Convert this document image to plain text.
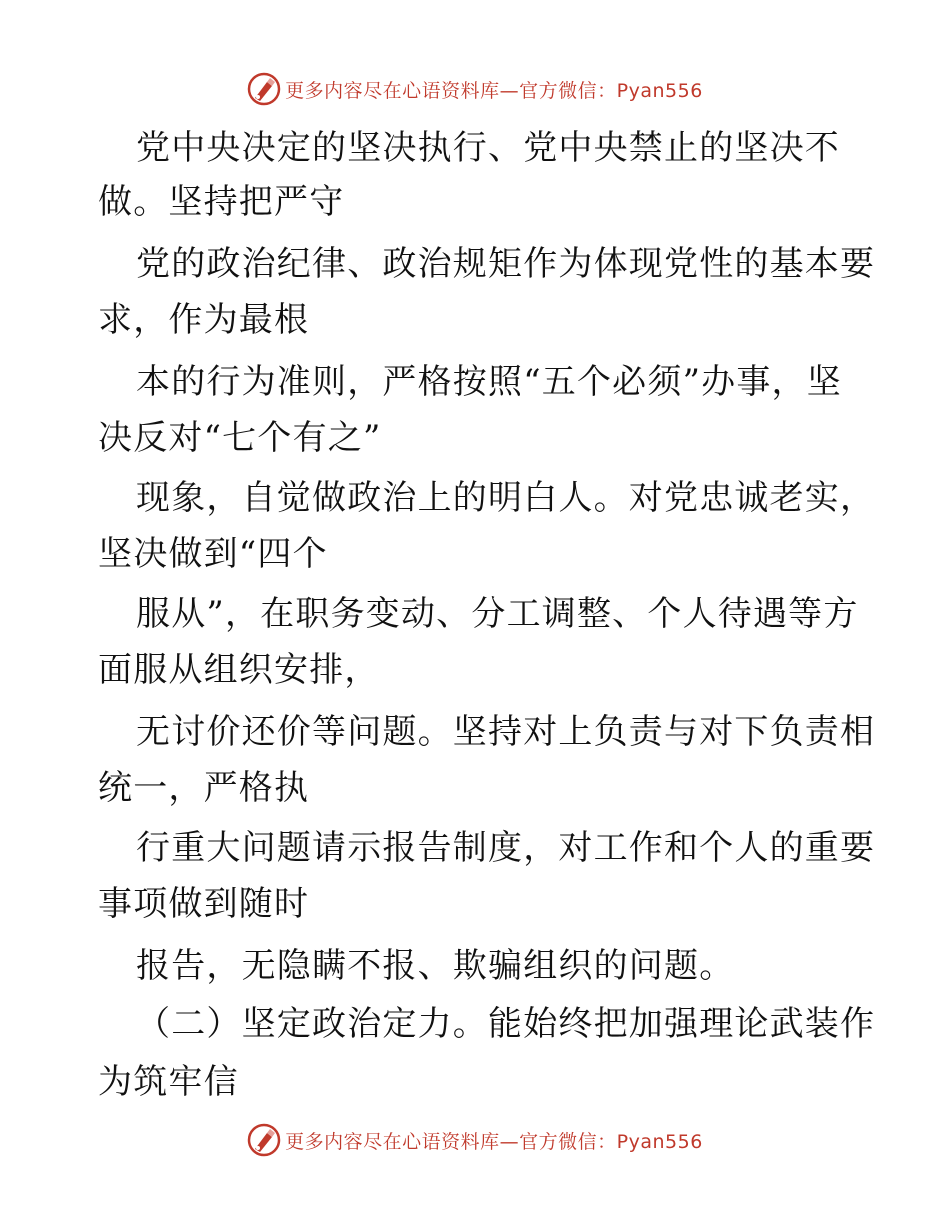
更多内容尽在心语资料库—官方微信：Pyan556
党中央决定的坚决执行、党中央禁止的坚决不
做。坚持把严守
党的政治纪律、政治规矩作为体现党性的基本要
求，作为最根
本的行为准则，严格按照“五个必须”办事，坚
决反对“七个有之”
现象，自觉做政治上的明白人。对党忠诚老实，
坚决做到“四个
服从”，在职务变动、分工调整、个人待遇等方
面服从组织安排，
无讨价还价等问题。坚持对上负责与对下负责相
统一，严格执
行重大问题请示报告制度，对工作和个人的重要
事项做到随时
报告，无隐瞒不报、欺骗组织的问题。
（二）坚定政治定力。能始终把加强理论武装作
为筑牢信
更多内容尽在心语资料库—官方微信：Pyan556
